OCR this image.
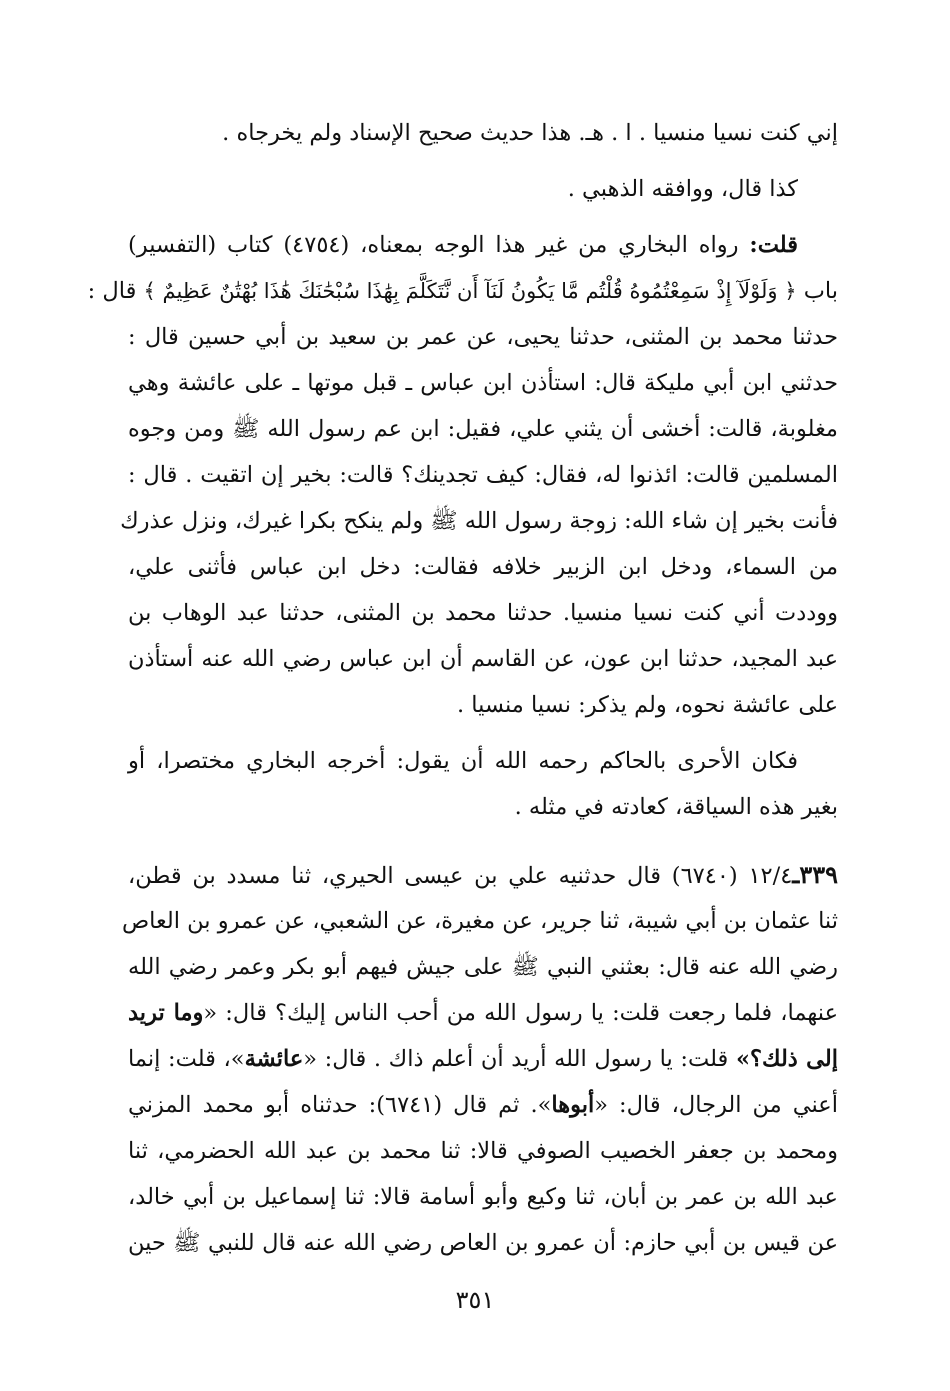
إني كنت نسيا منسيا . ا . هـ. هذا حديث صحيح الإسناد ولم يخرجاه .
كذا قال، ووافقه الذهبي .
قلت: رواه البخاري من غير هذا الوجه بمعناه، (٤٧٥٤) كتاب (التفسير)
باب ﴿ وَلَوْلَآ إِذْ سَمِعْتُمُوهُ قُلْتُم مَّا يَكُونُ لَنَآ أَن نَّتَكَلَّمَ بِهَٰذَا سُبْحَٰنَكَ هَٰذَا بُهْتَٰنٌ عَظِيمٌ ﴾ قال :
حدثنا محمد بن المثنى، حدثنا يحيى، عن عمر بن سعيد بن أبي حسين قال :
حدثني ابن أبي مليكة قال: استأذن ابن عباس ـ قبل موتها ـ على عائشة وهي
مغلوبة، قالت: أخشى أن يثني علي، فقيل: ابن عم رسول الله ﷺ ومن وجوه
المسلمين قالت: ائذنوا له، فقال: كيف تجدينك؟ قالت: بخير إن اتقيت . قال :
فأنت بخير إن شاء الله: زوجة رسول الله ﷺ ولم ينكح بكرا غيرك، ونزل عذرك
من السماء، ودخل ابن الزبير خلافه فقالت: دخل ابن عباس فأثنى علي،
ووددت أني كنت نسيا منسيا. حدثنا محمد بن المثنى، حدثنا عبد الوهاب بن
عبد المجيد، حدثنا ابن عون، عن القاسم أن ابن عباس رضي الله عنه أستأذن
على عائشة نحوه، ولم يذكر: نسيا منسيا .
فكان الأحرى بالحاكم رحمه الله أن يقول: أخرجه البخاري مختصرا، أو
بغير هذه السياقة، كعادته في مثله .
٣٣٩ـ١٢/٤ (٦٧٤٠) قال حدثنيه علي بن عيسى الحيري، ثنا مسدد بن قطن،
ثنا عثمان بن أبي شيبة، ثنا جرير، عن مغيرة، عن الشعبي، عن عمرو بن العاص
رضي الله عنه قال: بعثني النبي ﷺ على جيش فيهم أبو بكر وعمر رضي الله
عنهما، فلما رجعت قلت: يا رسول الله من أحب الناس إليك؟ قال: «وما تريد
إلى ذلك؟» قلت: يا رسول الله أريد أن أعلم ذاك . قال: «عائشة»، قلت: إنما
أعني من الرجال، قال: «أبوها». ثم قال (٦٧٤١): حدثناه أبو محمد المزني
ومحمد بن جعفر الخصيب الصوفي قالا: ثنا محمد بن عبد الله الحضرمي، ثنا
عبد الله بن عمر بن أبان، ثنا وكيع وأبو أسامة قالا: ثنا إسماعيل بن أبي خالد،
عن قيس بن أبي حازم: أن عمرو بن العاص رضي الله عنه قال للنبي ﷺ حين
٣٥١
